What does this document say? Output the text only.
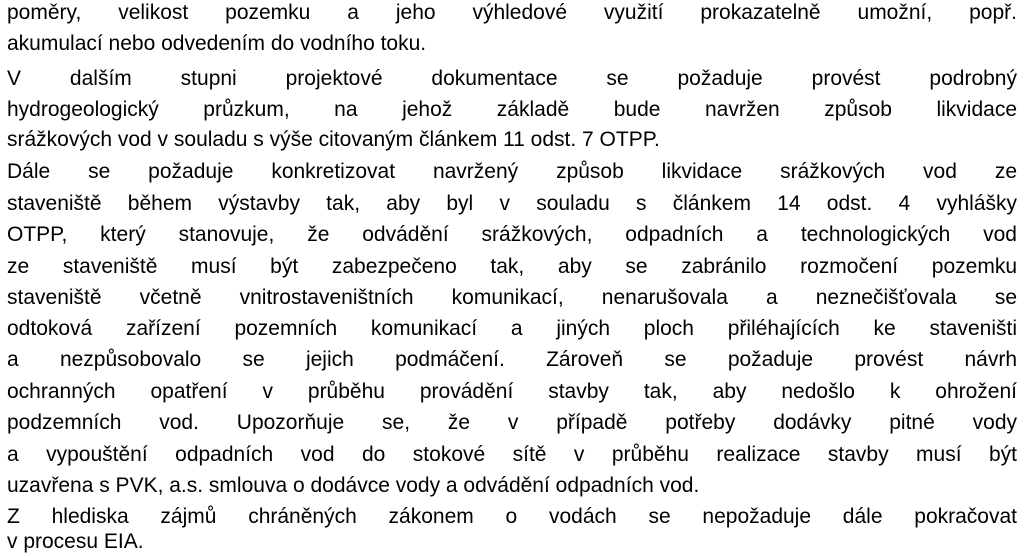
poměry, velikost pozemku a jeho výhledové využití prokazatelně umožní, popř.
akumulací nebo odvedením do vodního toku.
V dalším stupni projektové dokumentace se požaduje provést podrobný
hydrogeologický průzkum, na jehož základě bude navržen způsob likvidace
srážkových vod v souladu s výše citovaným článkem 11 odst. 7 OTPP.
Dále se požaduje konkretizovat navržený způsob likvidace srážkových vod ze
staveniště během výstavby tak, aby byl v souladu s článkem 14 odst. 4 vyhlášky
OTPP, který stanovuje, že odvádění srážkových, odpadních a technologických vod
ze staveniště musí být zabezpečeno tak, aby se zabránilo rozmočení pozemku
staveniště včetně vnitrostaveništních komunikací, nenarušovala a neznečišťovala se
odtoková zařízení pozemních komunikací a jiných ploch přiléhajících ke staveništi
a nezpůsobovalo se jejich podmáčení. Zároveň se požaduje provést návrh
ochranných opatření v průběhu provádění stavby tak, aby nedošlo k ohrožení
podzemních vod. Upozorňuje se, že v případě potřeby dodávky pitné vody
a vypouštění odpadních vod do stokové sítě v průběhu realizace stavby musí být
uzavřena s PVK, a.s. smlouva o dodávce vody a odvádění odpadních vod.
Z hlediska zájmů chráněných zákonem o vodách se nepožaduje dále pokračovat
v procesu EIA.
